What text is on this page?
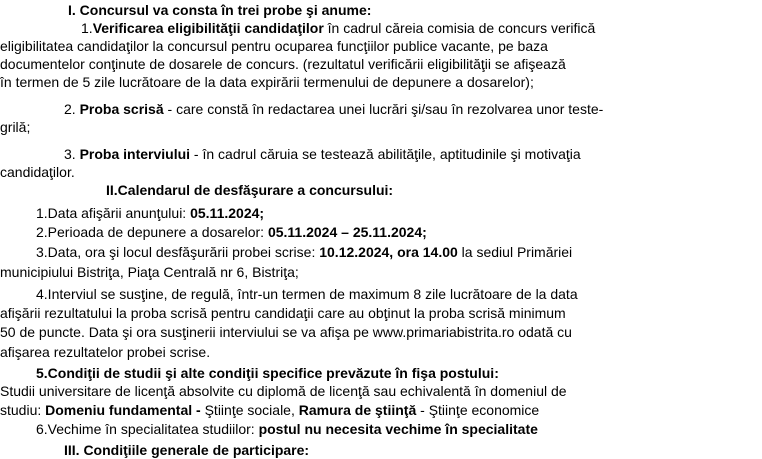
I. Concursul va consta în trei probe şi anume:
1.Verificarea eligibilităţii candidaţilor în cadrul căreia comisia de concurs verifică
eligibilitatea candidaţilor la concursul pentru ocuparea funcţiilor publice vacante, pe baza
documentelor conţinute de dosarele de concurs. (rezultatul verificării eligibilităţii se afişează
în termen de 5 zile lucrătoare de la data expirării termenului de depunere a dosarelor);
2. Proba scrisă - care constă în redactarea unei lucrări şi/sau în rezolvarea unor teste-
grilă;
3. Proba interviului - în cadrul căruia se testează abilităţile, aptitudinile şi motivaţia
candidaţilor.
II.Calendarul de desfăşurare a concursului:
1.Data afişării anunţului: 05.11.2024;
2.Perioada de depunere a dosarelor: 05.11.2024 – 25.11.2024;
3.Data, ora şi locul desfăşurării probei scrise: 10.12.2024, ora 14.00 la sediul Primăriei
municipiului Bistriţa, Piaţa Centrală nr 6, Bistriţa;
4.Interviul se susţine, de regulă, într-un termen de maximum 8 zile lucrătoare de la data
afişării rezultatului la proba scrisă pentru candidaţii care au obţinut la proba scrisă minimum
50 de puncte. Data şi ora susţinerii interviului se va afişa pe www.primariabistrita.ro odată cu
afişarea rezultatelor probei scrise.
5.Condiţii de studii şi alte condiţii specifice prevăzute în fişa postului:
Studii universitare de licenţă absolvite cu diplomă de licenţă sau echivalentă în domeniul de
studiu: Domeniu fundamental - Ştiinţe sociale, Ramura de ştiinţă - Ştiinţe economice
6.Vechime în specialitatea studiilor: postul nu necesita vechime în specialitate
III. Condiţiile generale de participare:
